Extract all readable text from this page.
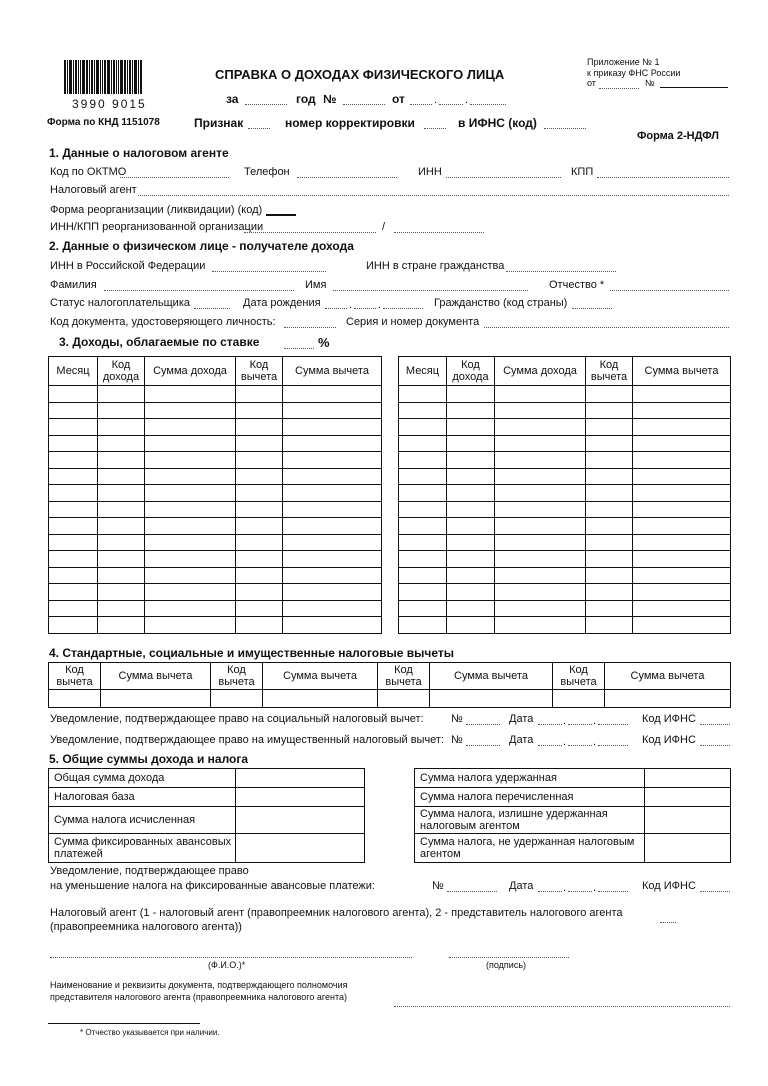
Приложение № 1
к приказу ФНС России
от	№
3990 9015
СПРАВКА О ДОХОДАХ ФИЗИЧЕСКОГО ЛИЦА
за	год №	от	.	.
Форма по КНД 1151078	Признак	номер корректировки	в ИФНС (код)
Форма 2-НДФЛ
1. Данные о налоговом агенте
Код по ОКТМО	Телефон	ИНН	КПП
Налоговый агент
Форма реорганизации (ликвидации) (код)
ИНН/КПП реорганизованной организации	/
2. Данные о физическом лице - получателе дохода
ИНН в Российской Федерации	ИНН в стране гражданства
Фамилия	Имя	Отчество *
Статус налогоплательщика	Дата рождения	. .	Гражданство (код страны)
Код документа, удостоверяющего личность:	Серия и номер документа
3. Доходы, облагаемые по ставке	%
Месяц	Код дохода	Сумма дохода	Код вычета	Сумма вычета

					Месяц	Код дохода	Сумма дохода	Код вычета	Сумма вычета

4. Стандартные, социальные и имущественные налоговые вычеты
Код вычета	Сумма вычета	Код вычета	Сумма вычета	Код вычета	Сумма вычета	Код вычета	Сумма вычета

Уведомление, подтверждающее право на социальный налоговый вычет: №	Дата	. .	Код ИФНС
Уведомление, подтверждающее право на имущественный налоговый вычет: №	Дата	. .	Код ИФНС
5. Общие суммы дохода и налога
Общая сумма дохода			Сумма налога удержанная	
Налоговая база			Сумма налога перечисленная	
Сумма налога исчисленная			Сумма налога, излишне удержанная налоговым агентом	
Сумма фиксированных авансовых платежей			Сумма налога, не удержанная налоговым агентом	
Уведомление, подтверждающее право
на уменьшение налога на фиксированные авансовые платежи:	№	Дата	. .	Код ИФНС
Налоговый агент (1 - налоговый агент (правопреемник налогового агента), 2 - представитель налогового агента
(правопреемника налогового агента))
(Ф.И.О.)*	(подпись)
Наименование и реквизиты документа, подтверждающего полномочия
представителя налогового агента (правопреемника налогового агента)
* Отчество указывается при наличии.
